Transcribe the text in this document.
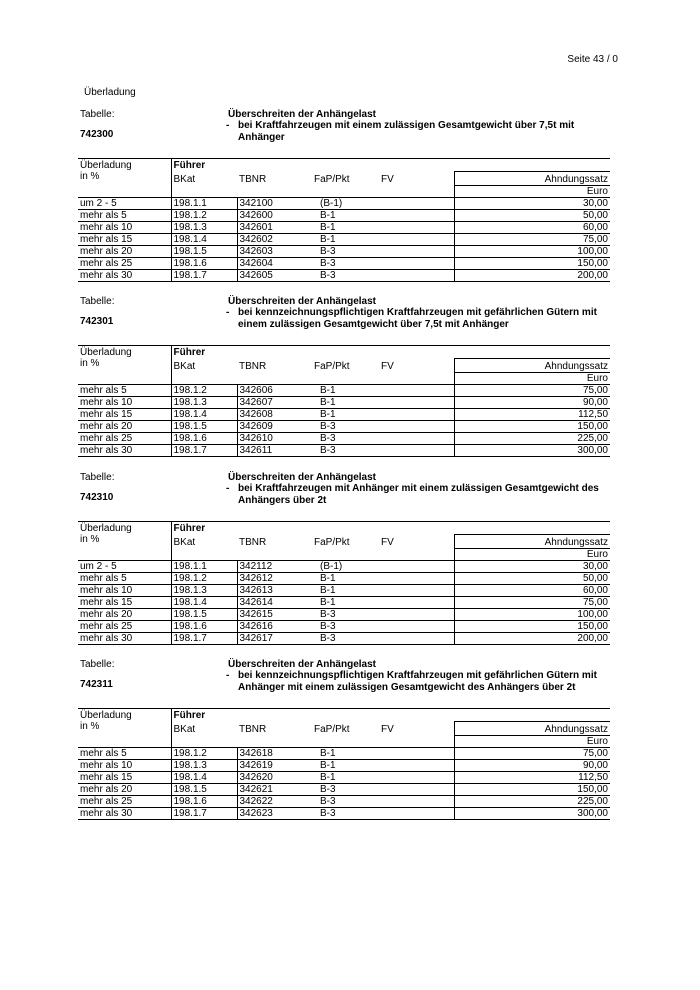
Seite 43 / 0
Überladung
Tabelle:
742300
Überschreiten der Anhängelast
- bei Kraftfahrzeugen mit einem zulässigen Gesamtgewicht über 7,5t mit Anhänger
Überladung
in %	Führer				
	BKat	TBNR	FaP/Pkt	FV	Ahndungssatz
					Euro
um 2 - 5	198.1.1	342100	(B-1)		30,00
mehr als 5	198.1.2	342600	B-1		50,00
mehr als 10	198.1.3	342601	B-1		60,00
mehr als 15	198.1.4	342602	B-1		75,00
mehr als 20	198.1.5	342603	B-3		100,00
mehr als 25	198.1.6	342604	B-3		150,00
mehr als 30	198.1.7	342605	B-3		200,00
Tabelle:
742301
Überschreiten der Anhängelast
- bei kennzeichnungspflichtigen Kraftfahrzeugen mit gefährlichen Gütern mit
einem zulässigen Gesamtgewicht über 7,5t mit Anhänger
Überladung
in %	Führer				
	BKat	TBNR	FaP/Pkt	FV	Ahndungssatz
					Euro
mehr als 5	198.1.2	342606	B-1		75,00
mehr als 10	198.1.3	342607	B-1		90,00
mehr als 15	198.1.4	342608	B-1		112,50
mehr als 20	198.1.5	342609	B-3		150,00
mehr als 25	198.1.6	342610	B-3		225,00
mehr als 30	198.1.7	342611	B-3		300,00
Tabelle:
742310
Überschreiten der Anhängelast
- bei Kraftfahrzeugen mit Anhänger mit einem zulässigen Gesamtgewicht des
Anhängers über 2t
Überladung
in %	Führer				
	BKat	TBNR	FaP/Pkt	FV	Ahndungssatz
					Euro
um 2 - 5	198.1.1	342112	(B-1)		30,00
mehr als 5	198.1.2	342612	B-1		50,00
mehr als 10	198.1.3	342613	B-1		60,00
mehr als 15	198.1.4	342614	B-1		75,00
mehr als 20	198.1.5	342615	B-3		100,00
mehr als 25	198.1.6	342616	B-3		150,00
mehr als 30	198.1.7	342617	B-3		200,00
Tabelle:
742311
Überschreiten der Anhängelast
- bei kennzeichnungspflichtigen Kraftfahrzeugen mit gefährlichen Gütern mit
Anhänger mit einem zulässigen Gesamtgewicht des Anhängers über 2t
Überladung
in %	Führer				
	BKat	TBNR	FaP/Pkt	FV	Ahndungssatz
					Euro
mehr als 5	198.1.2	342618	B-1		75,00
mehr als 10	198.1.3	342619	B-1		90,00
mehr als 15	198.1.4	342620	B-1		112,50
mehr als 20	198.1.5	342621	B-3		150,00
mehr als 25	198.1.6	342622	B-3		225,00
mehr als 30	198.1.7	342623	B-3		300,00
